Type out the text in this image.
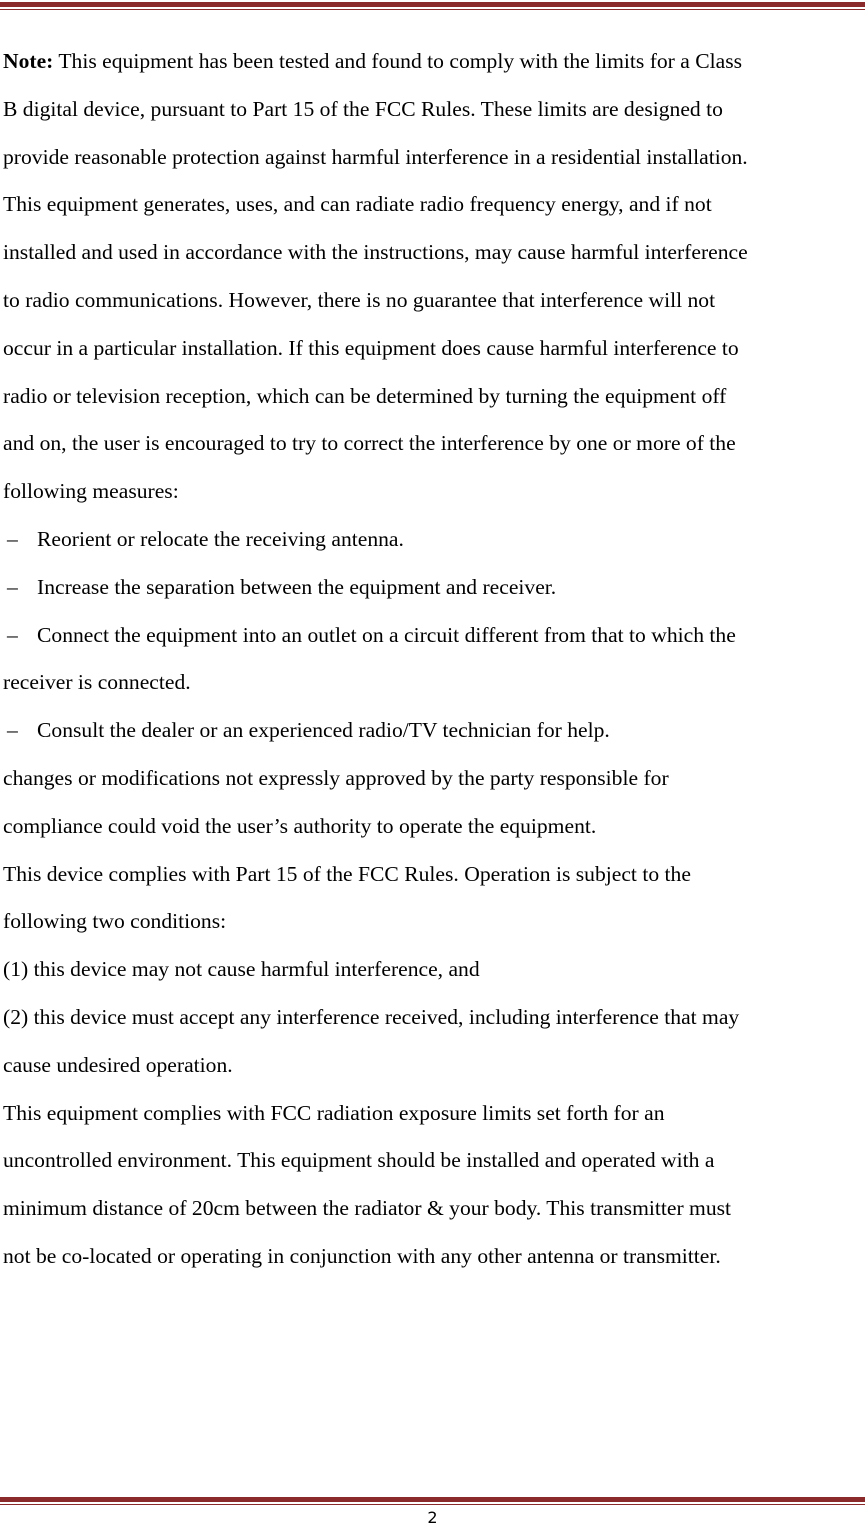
Note: This equipment has been tested and found to comply with the limits for a Class

B digital device, pursuant to Part 15 of the FCC Rules. These limits are designed to

provide reasonable protection against harmful interference in a residential installation.

This equipment generates, uses, and can radiate radio frequency energy, and if not

installed and used in accordance with the instructions, may cause harmful interference

to radio communications. However, there is no guarantee that interference will not

occur in a particular installation. If this equipment does cause harmful interference to

radio or television reception, which can be determined by turning the equipment off

and on, the user is encouraged to try to correct the interference by one or more of the

following measures:

– Reorient or relocate the receiving antenna.

– Increase the separation between the equipment and receiver.

– Connect the equipment into an outlet on a circuit different from that to which the

receiver is connected.

– Consult the dealer or an experienced radio/TV technician for help.

changes or modifications not expressly approved by the party responsible for

compliance could void the user’s authority to operate the equipment.

This device complies with Part 15 of the FCC Rules. Operation is subject to the

following two conditions:

(1) this device may not cause harmful interference, and

(2) this device must accept any interference received, including interference that may

cause undesired operation.

This equipment complies with FCC radiation exposure limits set forth for an

uncontrolled environment. This equipment should be installed and operated with a

minimum distance of 20cm between the radiator & your body. This transmitter must

not be co-located or operating in conjunction with any other antenna or transmitter.

2
